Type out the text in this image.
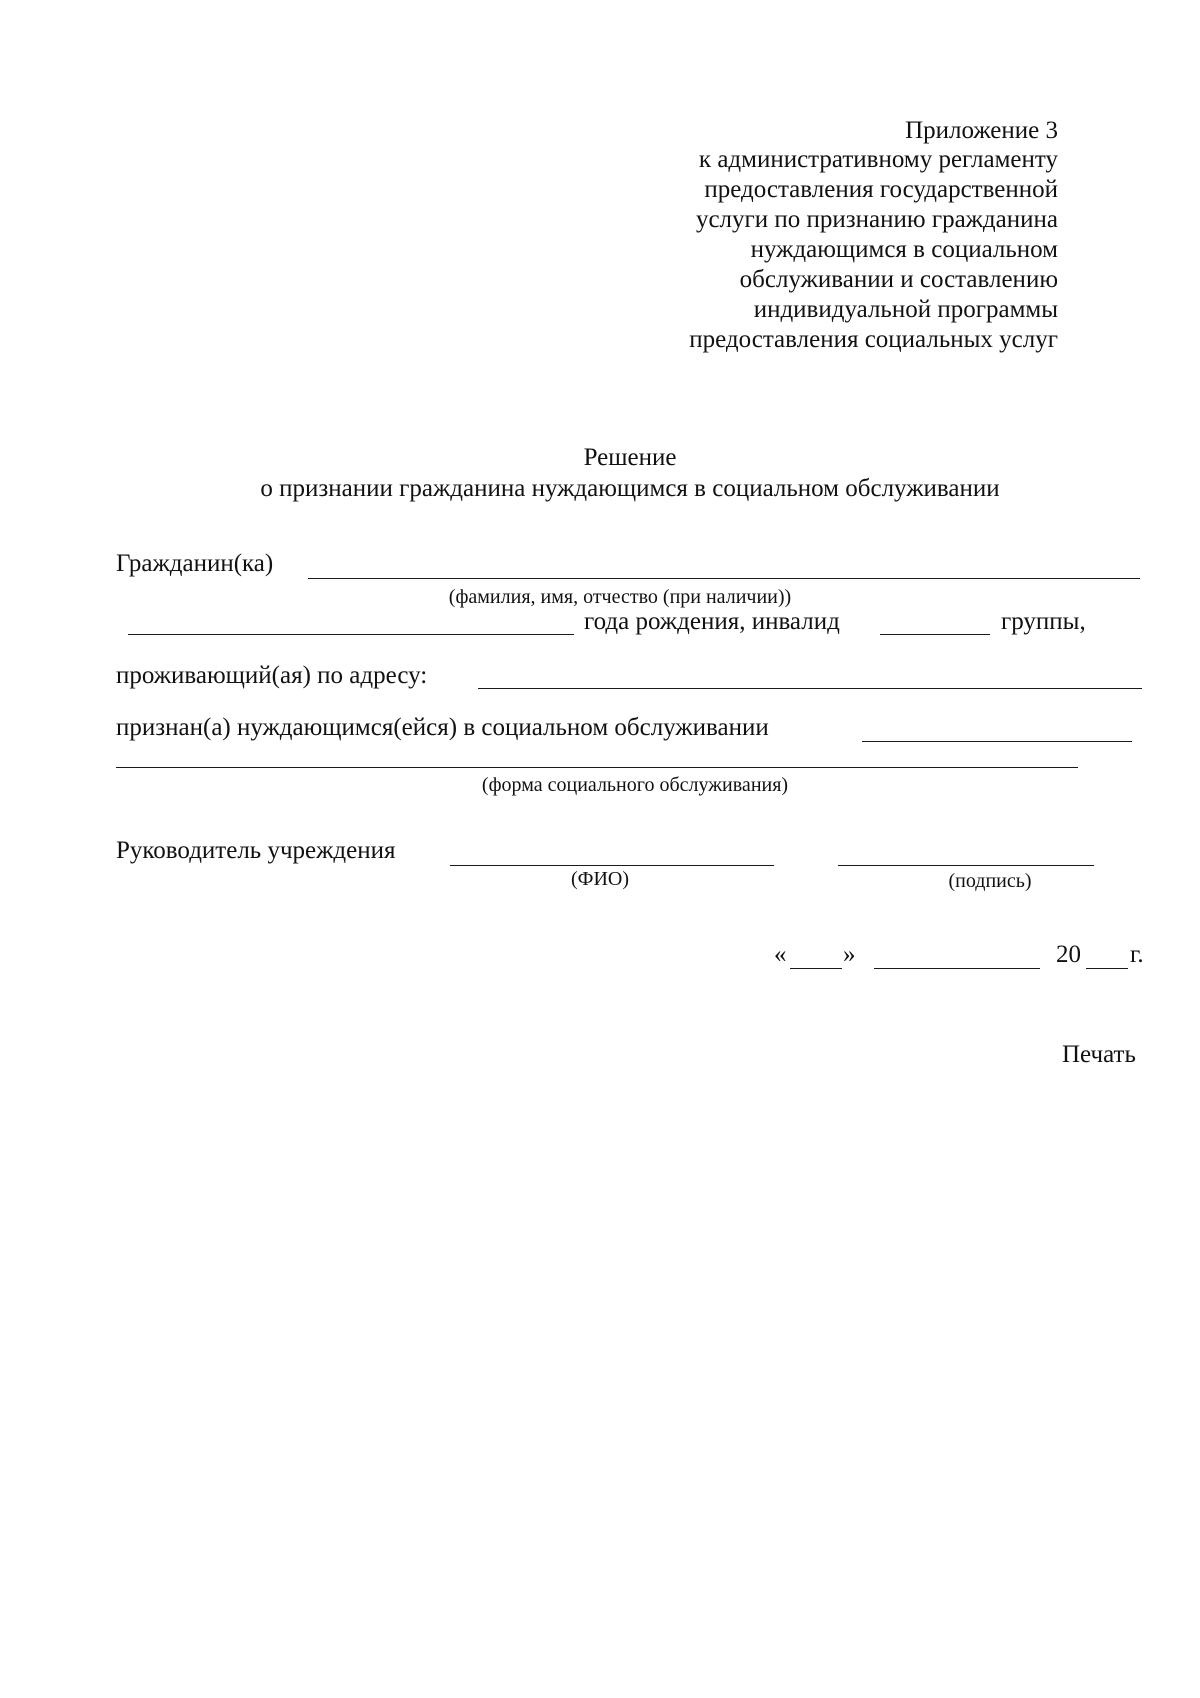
Приложение 3
к административному регламенту
предоставления государственной
услуги по признанию гражданина
нуждающимся в социальном
обслуживании и составлению
индивидуальной программы
предоставления социальных услуг
Решение
о признании гражданина нуждающимся в социальном обслуживании
Гражданин(ка)
(фамилия, имя, отчество (при наличии))
года рождения, инвалид	группы,
проживающий(ая) по адресу:
признан(а) нуждающимся(ейся) в социальном обслуживании
(форма социального обслуживания)
Руководитель учреждения
(ФИО)	(подпись)
« »	20 г.
Печать
